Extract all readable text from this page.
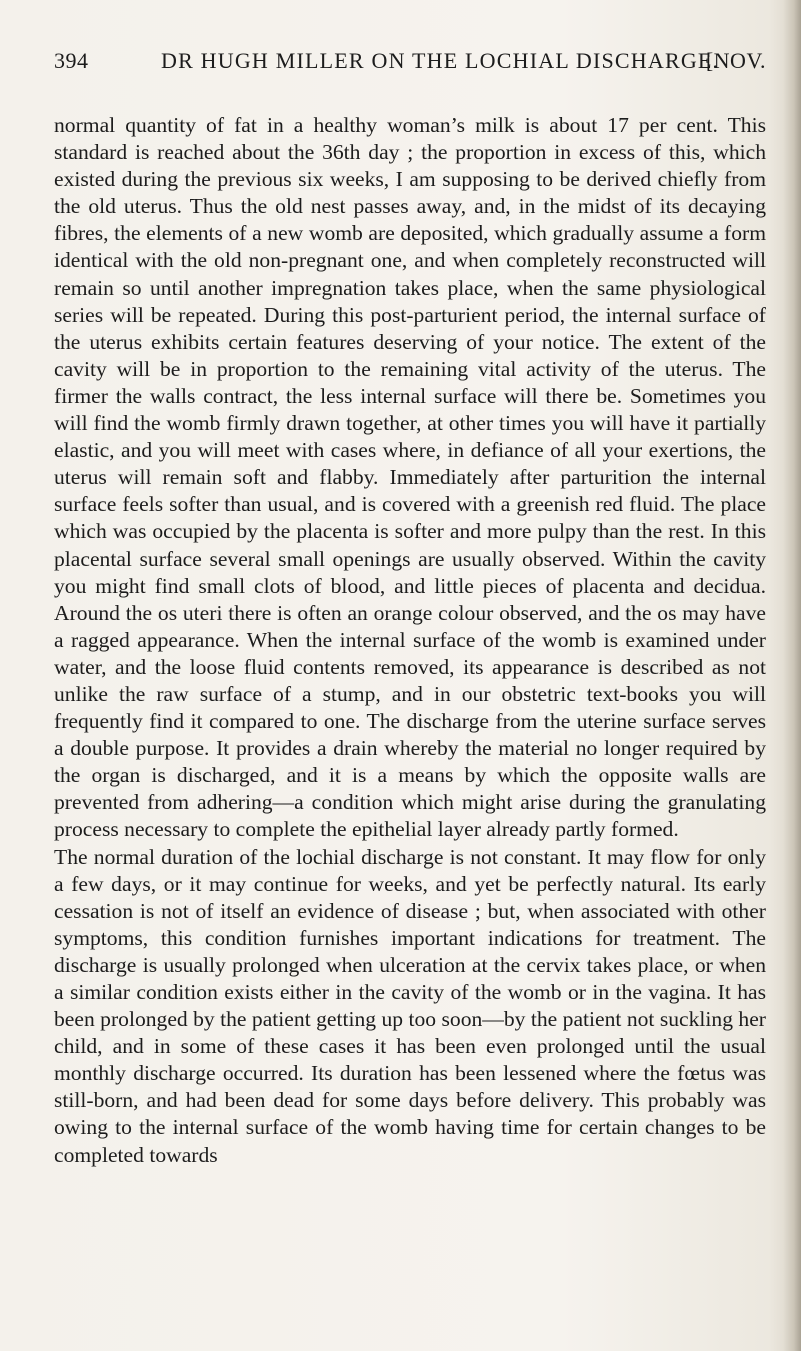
394	DR HUGH MILLER ON THE LOCHIAL DISCHARGE.
[NOV.

normal quantity of fat in a healthy woman’s milk is about 17 per cent. This standard is reached about the 36th day ; the proportion in excess of this, which existed during the previous six weeks, I am supposing to be derived chiefly from the old uterus. Thus the old nest passes away, and, in the midst of its decaying fibres, the elements of a new womb are deposited, which gradually assume a form identical with the old non-pregnant one, and when completely reconstructed will remain so until another impregnation takes place, when the same physiological series will be repeated. During this post-parturient period, the internal surface of the uterus exhibits certain features deserving of your notice. The extent of the cavity will be in proportion to the remaining vital activity of the uterus. The firmer the walls contract, the less internal surface will there be. Sometimes you will find the womb firmly drawn together, at other times you will have it partially elastic, and you will meet with cases where, in defiance of all your exertions, the uterus will remain soft and flabby. Immediately after parturition the internal surface feels softer than usual, and is covered with a greenish red fluid. The place which was occupied by the placenta is softer and more pulpy than the rest. In this placental surface several small openings are usually observed. Within the cavity you might find small clots of blood, and little pieces of placenta and decidua. Around the os uteri there is often an orange colour observed, and the os may have a ragged appearance. When the internal surface of the womb is examined under water, and the loose fluid contents removed, its appearance is described as not unlike the raw surface of a stump, and in our obstetric text-books you will frequently find it compared to one. The discharge from the uterine surface serves a double purpose. It provides a drain whereby the material no longer required by the organ is discharged, and it is a means by which the opposite walls are prevented from adhering—a condition which might arise during the granulating process necessary to complete the epithelial layer already partly formed.

The normal duration of the lochial discharge is not constant. It may flow for only a few days, or it may continue for weeks, and yet be perfectly natural. Its early cessation is not of itself an evidence of disease ; but, when associated with other symptoms, this condition furnishes important indications for treatment. The discharge is usually prolonged when ulceration at the cervix takes place, or when a similar condition exists either in the cavity of the womb or in the vagina. It has been prolonged by the patient getting up too soon—by the patient not suckling her child, and in some of these cases it has been even prolonged until the usual monthly discharge occurred. Its duration has been lessened where the fœtus was still-born, and had been dead for some days before delivery. This probably was owing to the internal surface of the womb having time for certain changes to be completed towards
